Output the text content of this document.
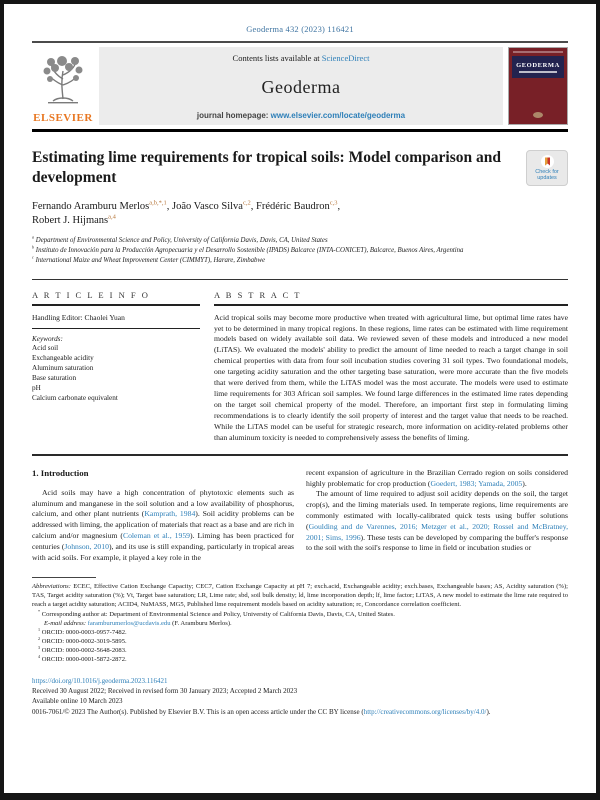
Geoderma 432 (2023) 116421
ELSEVIER
Contents lists available at ScienceDirect
Geoderma
journal homepage: www.elsevier.com/locate/geoderma
GEODERMA
Estimating lime requirements for tropical soils: Model comparison and development	Check for updates
Fernando Aramburu Merlos$^{a,b,*,1}$, João Vasco Silva$^{c,2}$, Frédéric Baudron$^{c,3}$,
Robert J. Hijmans$^{a,4}$
$^a$ Department of Environmental Science and Policy, University of California Davis, Davis, CA, United States
$^b$ Instituto de Innovación para la Producción Agropecuaria y el Desarrollo Sostenible (IPADS) Balcarce (INTA-CONICET), Balcarce, Buenos Aires, Argentina
$^c$ International Maize and Wheat Improvement Center (CIMMYT), Harare, Zimbabwe
A R T I C L E I N F O
Handling Editor: Chaolei Yuan
Keywords:
Acid soil
Exchangeable acidity
Aluminum saturation
Base saturation
pH
Calcium carbonate equivalent
A B S T R A C T

Acid tropical soils may become more productive when treated with agricultural lime, but optimal lime rates have yet to be determined in many tropical regions. In these regions, lime rates can be estimated with lime requirement models based on widely available soil data. We reviewed seven of these models and introduced a new model (LiTAS). We evaluated the models' ability to predict the amount of lime needed to reach a target change in soil chemical properties with data from four soil incubation studies covering 31 soil types. Two foundational models, one targeting acidity saturation and the other targeting base saturation, were more accurate than the five models that were derived from them, while the LiTAS model was the most accurate. The models were used to estimate lime requirements for 303 African soil samples. We found large differences in the estimated lime rates depending on the target soil chemical property of the model. Therefore, an important first step in formulating liming recommendations is to clearly identify the soil property of interest and the target value that needs to be reached. While the LiTAS model can be useful for strategic research, more information on acidity-related problems other than aluminum toxicity is needed to comprehensively assess the benefits of liming.

1. Introduction

Acid soils may have a high concentration of phytotoxic elements such as aluminum and manganese in the soil solution and a low availability of phosphorus, calcium, and other plant nutrients (Kamprath, 1984). Soil acidity problems can be addressed with liming, the application of materials that react as a base and are rich in calcium and/or magnesium (Coleman et al., 1959). Liming has been practiced for centuries (Johnson, 2010), and its use is still expanding, particularly in tropical areas with acid soils. For example, it played a key role in the

recent expansion of agriculture in the Brazilian Cerrado region on soils considered highly problematic for crop production (Goedert, 1983; Yamada, 2005).

The amount of lime required to adjust soil acidity depends on the soil, the target crop(s), and the liming materials used. In temperate regions, lime requirements are commonly estimated with locally-calibrated quick tests using buffer solutions (Goulding and de Varennes, 2016; Metzger et al., 2020; Rossel and McBratney, 2001; Sims, 1996). These tests can be developed by comparing the buffer's response to the soil with the soil's response to lime in field or incubation studies or

Abbreviations: ECEC, Effective Cation Exchange Capacity; CEC7, Cation Exchange Capacity at pH 7; exch.acid, Exchangeable acidity; exch.bases, Exchangeable bases; AS, Acidity saturation (%); TAS, Target acidity saturation (%); Vt, Target base saturation; LR, Lime rate; sbd, soil bulk density; ld, lime incorporation depth; lf, lime factor; LiTAS, A new model to estimate the lime rate required to reach a target acidity saturation; ACID4, NuMASS, MG5, Published lime requirement models based on acidity saturation; rc, Concordance correlation coefficient.

* Corresponding author at: Department of Environmental Science and Policy, University of California Davis, Davis, CA, United States.

E-mail address: faramburumerlos@ucdavis.edu (F. Aramburu Merlos).

$^1$ ORCID: 0000-0003-0957-7482.

$^2$ ORCID: 0000-0002-3019-5895.

$^3$ ORCID: 0000-0002-5648-2083.

$^4$ ORCID: 0000-0001-5872-2872.

https://doi.org/10.1016/j.geoderma.2023.116421
Received 30 August 2022; Received in revised form 30 January 2023; Accepted 2 March 2023
Available online 10 March 2023
0016-7061/© 2023 The Author(s). Published by Elsevier B.V. This is an open access article under the CC BY license (http://creativecommons.org/licenses/by/4.0/).
